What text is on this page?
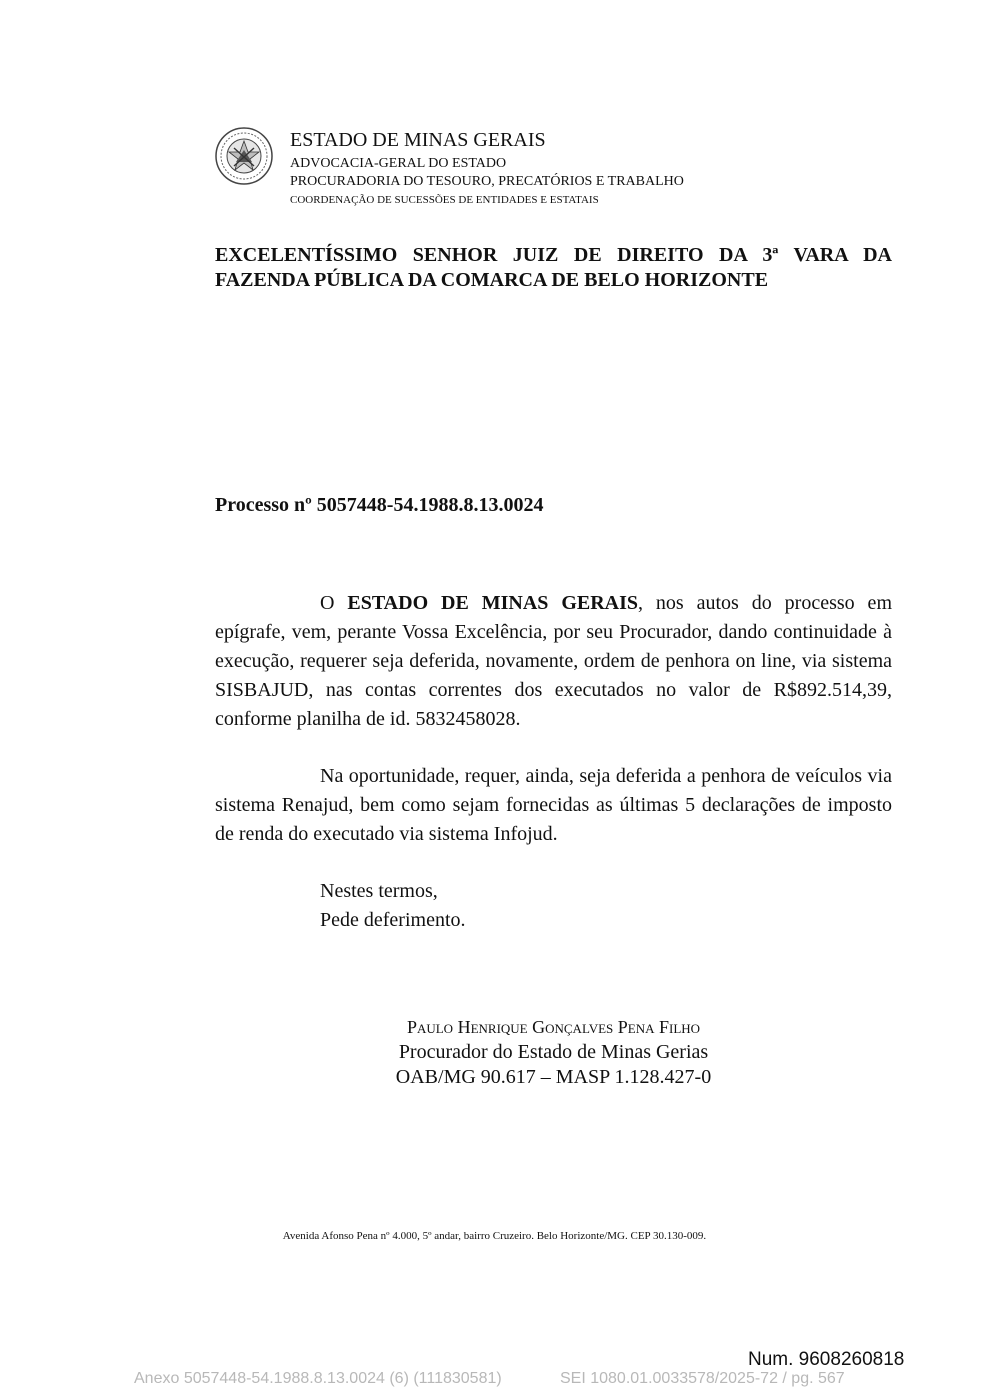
ESTADO DE MINAS GERAIS
ADVOCACIA-GERAL DO ESTADO
PROCURADORIA DO TESOURO, PRECATÓRIOS E TRABALHO
COORDENAÇÃO DE SUCESSÕES DE ENTIDADES E ESTATAIS
EXCELENTÍSSIMO SENHOR JUIZ DE DIREITO DA 3ª VARA DA FAZENDA PÚBLICA DA COMARCA DE BELO HORIZONTE
Processo nº 5057448-54.1988.8.13.0024

O ESTADO DE MINAS GERAIS, nos autos do processo em epígrafe, vem, perante Vossa Excelência, por seu Procurador, dando continuidade à execução, requerer seja deferida, novamente, ordem de penhora on line, via sistema SISBAJUD, nas contas correntes dos executados no valor de R$892.514,39, conforme planilha de id. 5832458028.

Na oportunidade, requer, ainda, seja deferida a penhora de veículos via sistema Renajud, bem como sejam fornecidas as últimas 5 declarações de imposto de renda do executado via sistema Infojud.

Nestes termos,
Pede deferimento.
Paulo Henrique Gonçalves Pena Filho
Procurador do Estado de Minas Gerias
OAB/MG 90.617 – MASP 1.128.427-0
Avenida Afonso Pena nº 4.000, 5º andar, bairro Cruzeiro. Belo Horizonte/MG. CEP 30.130-009.
Num. 9608260818
Anexo 5057448-54.1988.8.13.0024 (6) (111830581)	SEI 1080.01.0033578/2025-72 / pg. 567
